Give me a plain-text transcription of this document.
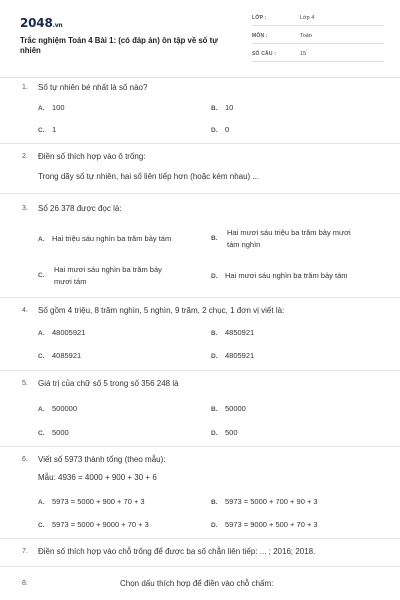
2048.vn
Trắc nghiệm Toán 4 Bài 1: (có đáp án) ôn tập về số tự nhiên
LỚP :	Lớp 4
MÔN :	Toán
SỐ CÂU :	15
1. Số tự nhiên bé nhất là số nào?
A. 100	B. 10
C. 1	D. 0
2. Điền số thích hợp vào ô trống:
Trong dãy số tự nhiên, hai số liên tiếp hơn (hoặc kém nhau) ...
3. Số 26 378 được đọc là:
A. Hai triệu sáu nghìn ba trăm bảy tám	B.
Hai mươi sáu triệu ba trăm bảy mươi
tám nghìn
C.
Hai mươi sáu nghìn ba trăm bảy
mươi tám
D. Hai mươi sáu nghìn ba trăm bảy tám
4. Số gồm 4 triệu, 8 trăm nghìn, 5 nghìn, 9 trăm, 2 chục, 1 đơn vị viết là:
A. 48005921	B. 4850921
C. 4085921	D. 4805921
5. Giá trị của chữ số 5 trong số 356 248 là
A. 500000	B. 50000
C. 5000	D. 500
6. Viết số 5973 thành tổng (theo mẫu):
Mẫu: 4936 = 4000 + 900 + 30 + 6
A. 5973 = 5000 + 900 + 70 + 3	B. 5973 = 5000 + 700 + 90 + 3
C. 5973 = 5000 + 9000 + 70 + 3	D. 5973 = 9000 + 500 + 70 + 3
7. Điền số thích hợp vào chỗ trống để được ba số chẵn liên tiếp: ... ; 2016; 2018.
8.	Chọn dấu thích hợp để điền vào chỗ chấm:
